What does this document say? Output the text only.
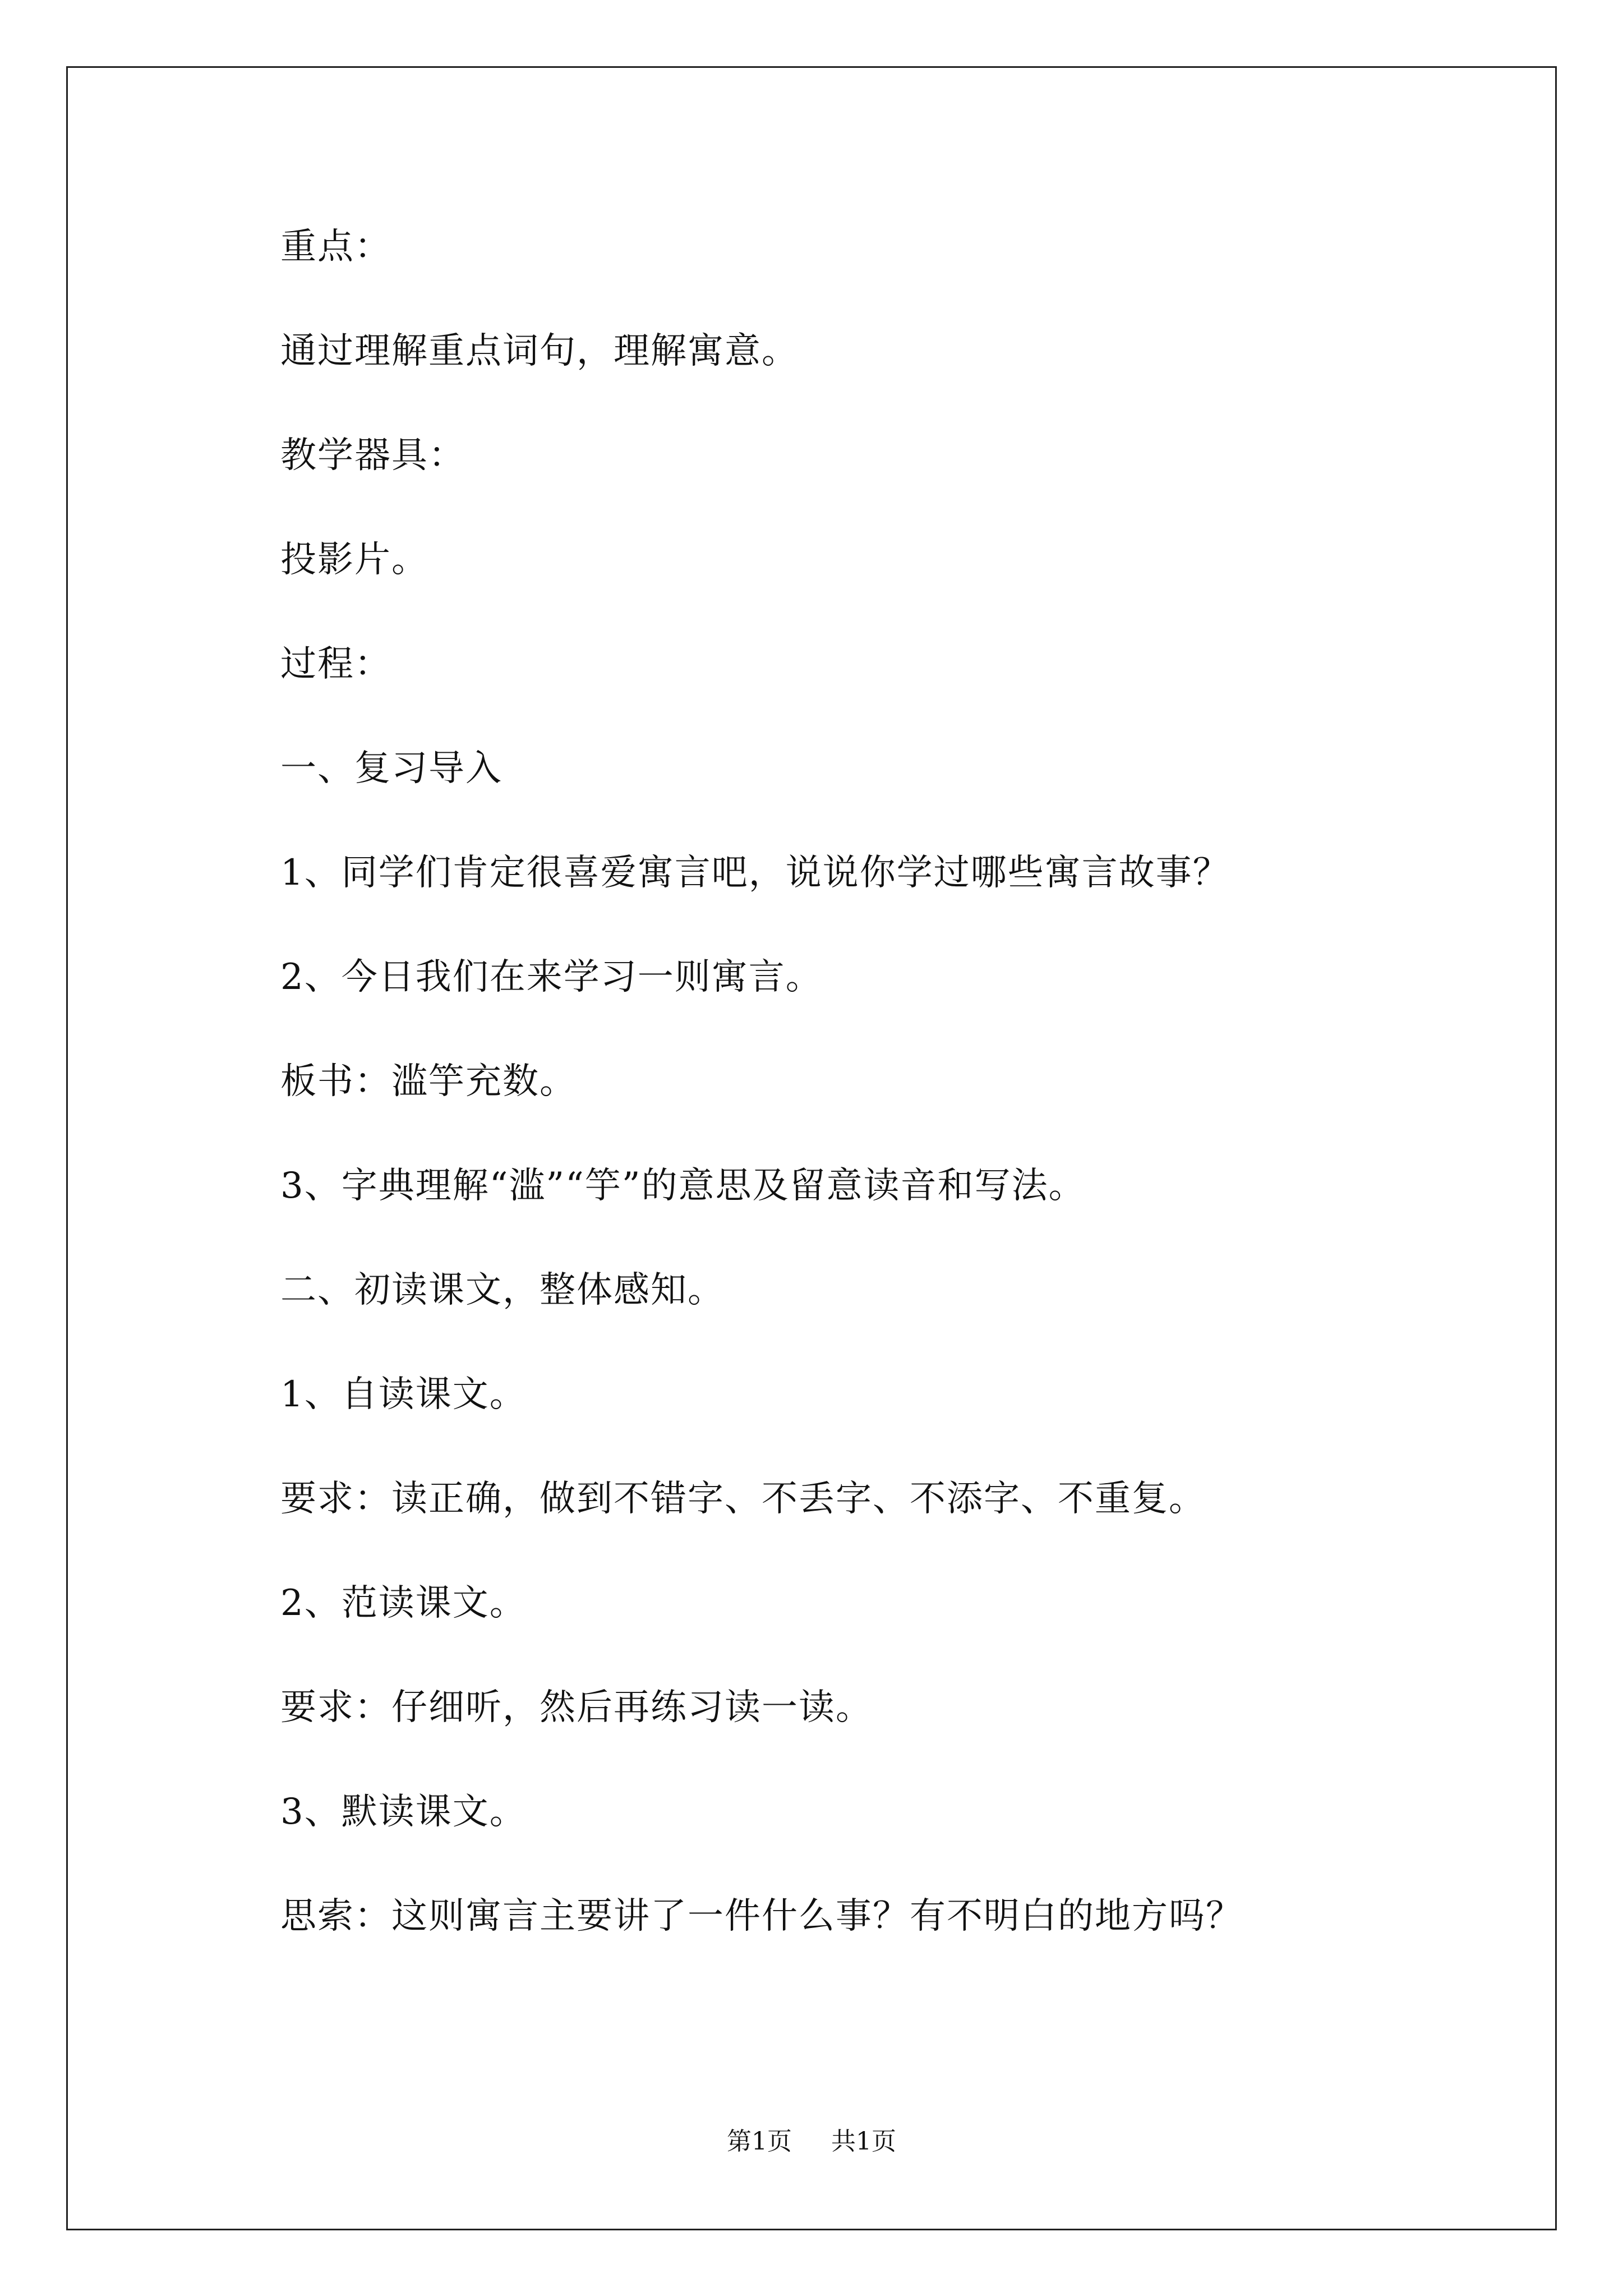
重点：

通过理解重点词句，理解寓意。

教学器具：

投影片。

过程：

一、复习导入

1、同学们肯定很喜爱寓言吧，说说你学过哪些寓言故事？

2、今日我们在来学习一则寓言。

板书：滥竽充数。

3、字典理解“滥”“竽”的意思及留意读音和写法。

二、初读课文，整体感知。

1、自读课文。

要求：读正确，做到不错字、不丢字、不添字、不重复。

2、范读课文。

要求：仔细听，然后再练习读一读。

3、默读课文。

思索：这则寓言主要讲了一件什么事？有不明白的地方吗？

第1页 共1页
